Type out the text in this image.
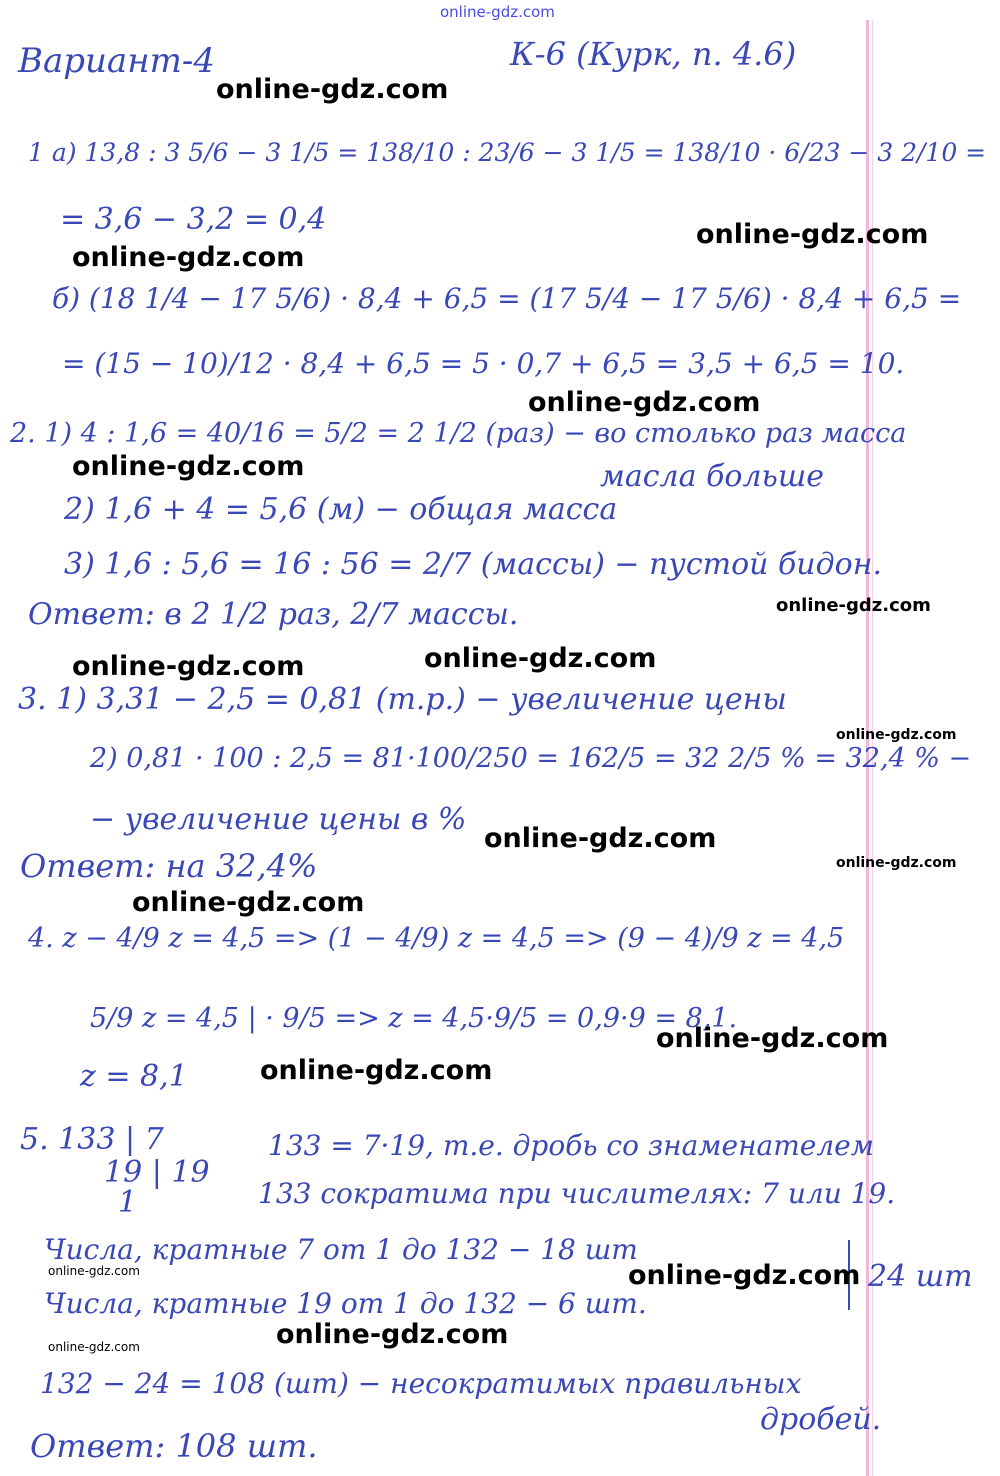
online-gdz.com
Вариант-4	К-6 (Курк, п. 4.6)
1 а) 13,8 : 3 5/6 − 3 1/5 = 138/10 : 23/6 − 3 1/5 = 138/10 · 6/23 − 3 2/10 =
= 3,6 − 3,2 = 0,4
б) (18 1/4 − 17 5/6) · 8,4 + 6,5 = (17 5/4 − 17 5/6) · 8,4 + 6,5 =
= (15 − 10)/12 · 8,4 + 6,5 = 5 · 0,7 + 6,5 = 3,5 + 6,5 = 10.
2. 1) 4 : 1,6 = 40/16 = 5/2 = 2 1/2 (раз) − во столько раз масса
масла больше
2) 1,6 + 4 = 5,6 (м) − общая масса
3) 1,6 : 5,6 = 16 : 56 = 2/7 (массы) − пустой бидон.
Ответ: в 2 1/2 раз, 2/7 массы.
3. 1) 3,31 − 2,5 = 0,81 (т.р.) − увеличение цены
2) 0,81 · 100 : 2,5 = 81·100/250 = 162/5 = 32 2/5 % = 32,4 % −
− увеличение цены в %
Ответ: на 32,4%
4. z − 4/9 z = 4,5 => (1 − 4/9) z = 4,5 => (9 − 4)/9 z = 4,5
5/9 z = 4,5 | · 9/5 => z = 4,5·9/5 = 0,9·9 = 8,1.
z = 8,1
5. 133 | 7
19 | 19
1
133 = 7·19, т.е. дробь со знаменателем
133 сократима при числителях: 7 или 19.
Числа, кратные 7 от 1 до 132 − 18 шт
Числа, кратные 19 от 1 до 132 − 6 шт.
24 шт
132 − 24 = 108 (шт) − несократимых правильных
дробей.
Ответ: 108 шт.
online-gdz.com
online-gdz.com
online-gdz.com
online-gdz.com
online-gdz.com
online-gdz.com
online-gdz.com	online-gdz.com
online-gdz.com
online-gdz.com
online-gdz.com
online-gdz.com
online-gdz.com
online-gdz.com
online-gdz.com	online-gdz.com
online-gdz.com	online-gdz.com
